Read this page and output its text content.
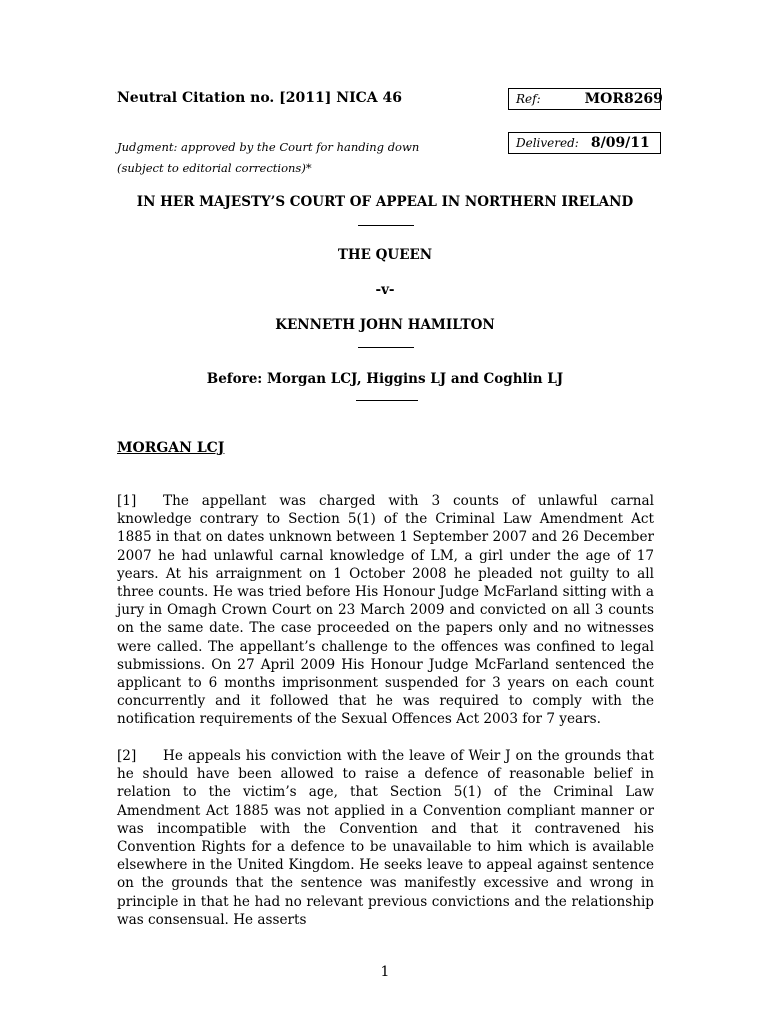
Neutral Citation no. [2011] NICA 46
Judgment: approved by the Court for handing down
(subject to editorial corrections)*
Ref:	MOR8269
Delivered: 8/09/11
IN HER MAJESTY’S COURT OF APPEAL IN NORTHERN IRELAND
THE QUEEN
-v-
KENNETH JOHN HAMILTON
Before: Morgan LCJ, Higgins LJ and Coghlin LJ
MORGAN LCJ
[1] The appellant was charged with 3 counts of unlawful carnal knowledge contrary to Section 5(1) of the Criminal Law Amendment Act 1885 in that on dates unknown between 1 September 2007 and 26 December 2007 he had unlawful carnal knowledge of LM, a girl under the age of 17 years. At his arraignment on 1 October 2008 he pleaded not guilty to all three counts. He was tried before His Honour Judge McFarland sitting with a jury in Omagh Crown Court on 23 March 2009 and convicted on all 3 counts on the same date. The case proceeded on the papers only and no witnesses were called. The appellant’s challenge to the offences was confined to legal submissions. On 27 April 2009 His Honour Judge McFarland sentenced the applicant to 6 months imprisonment suspended for 3 years on each count concurrently and it followed that he was required to comply with the notification requirements of the Sexual Offences Act 2003 for 7 years.
[2] He appeals his conviction with the leave of Weir J on the grounds that he should have been allowed to raise a defence of reasonable belief in relation to the victim’s age, that Section 5(1) of the Criminal Law Amendment Act 1885 was not applied in a Convention compliant manner or was incompatible with the Convention and that it contravened his Convention Rights for a defence to be unavailable to him which is available elsewhere in the United Kingdom. He seeks leave to appeal against sentence on the grounds that the sentence was manifestly excessive and wrong in principle in that he had no relevant previous convictions and the relationship was consensual. He asserts
1
